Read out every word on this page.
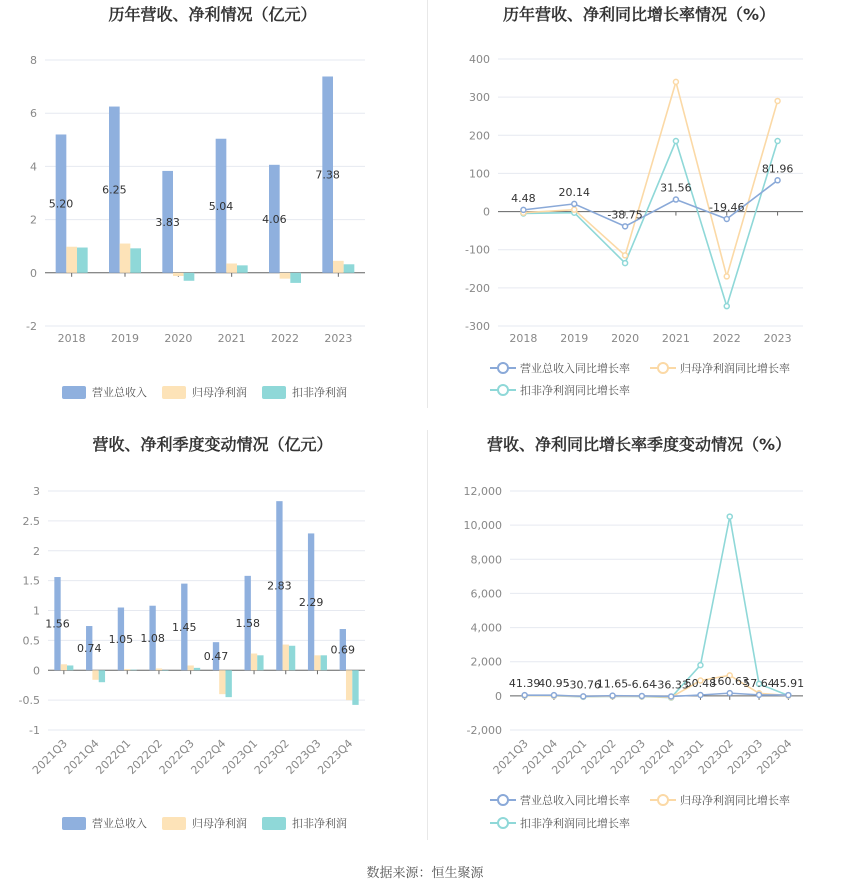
历年营收、净利情况（亿元）
-2
0
2
4
6
8
2018 2019 2020 2021 2022 2023
5.20
6.25
3.83
5.04
4.06
7.38
营业总收入	归母净利润	扣非净利润
历年营收、净利同比增长率情况（%）
-300
-200
-100
0
100
200
300
400
2018 2019 2020 2021 2022 2023
4.48 20.14
-38.75
31.56
-19.46
81.96
营业总收入同比增长率	归母净利润同比增长率
扣非净利润同比增长率
营收、净利季度变动情况（亿元）
-1
-0.5
0
0.5
1
1.5
2
2.5
3
2021Q3
2021Q4
2022Q1
2022Q2
2022Q3
2022Q4
2023Q1
2023Q2
2023Q3
2023Q4
1.56
0.74
1.05 1.08
1.45
0.47
1.58
2.83
2.29
0.69
营业总收入	归母净利润	扣非净利润
营收、净利同比增长率季度变动情况（%）
-2,000
0
2,000
4,000
6,000
8,000
10,000
12,000
2021Q3
2021Q4
2022Q1
2022Q2
2022Q3
2022Q4
2023Q1
2023Q2
2023Q3
2023Q4
41.39
40.95
-30.76
11.65 -6.64
-36.33
50.48
160.63
57.64
45.91
营业总收入同比增长率	归母净利润同比增长率
扣非净利润同比增长率
数据来源：恒生聚源
